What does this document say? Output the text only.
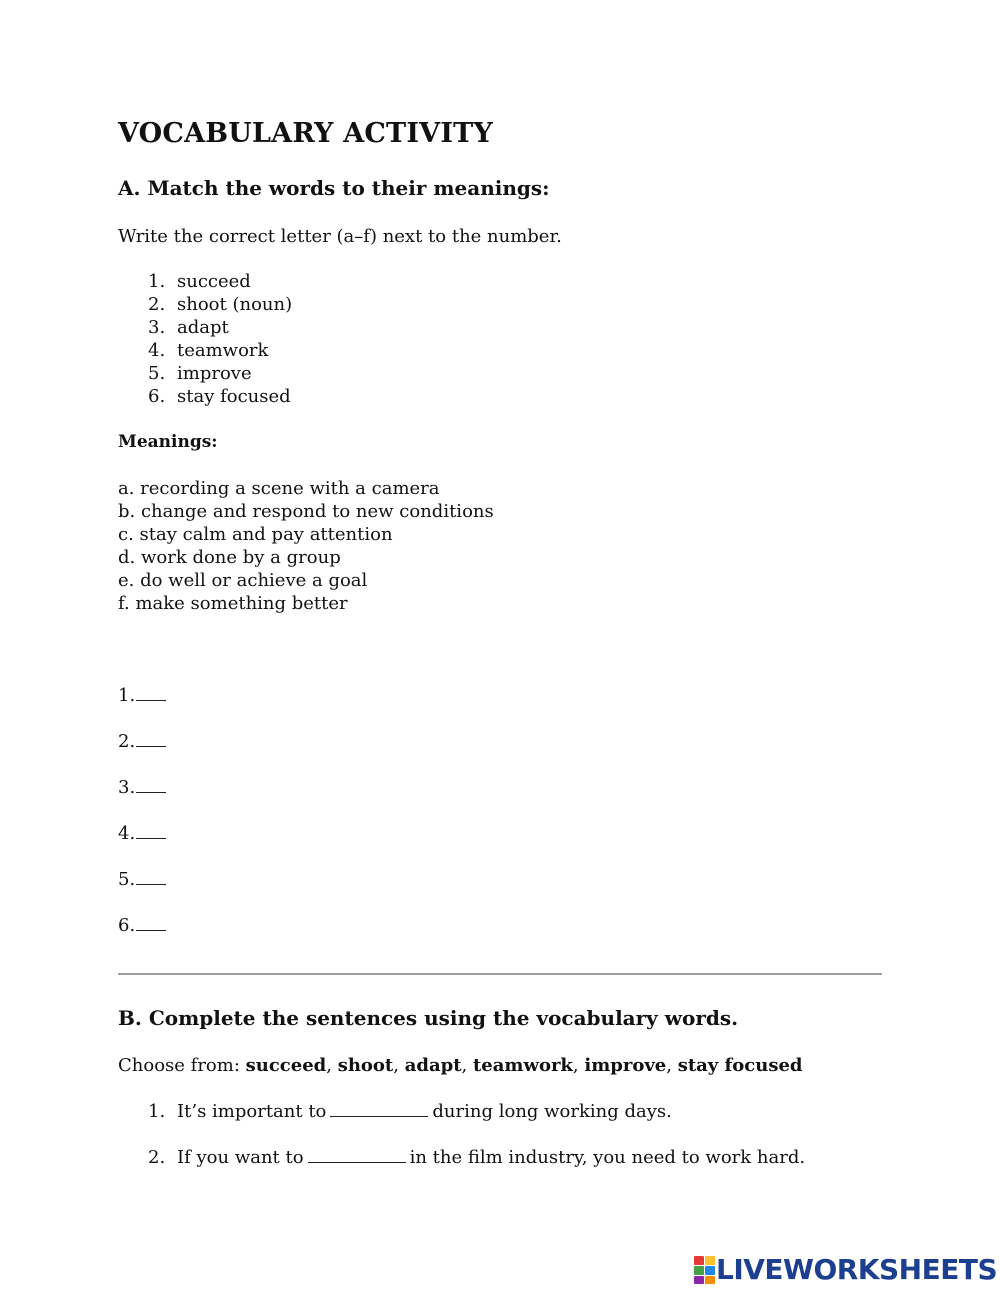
VOCABULARY ACTIVITY
A. Match the words to their meanings:
Write the correct letter (a–f) next to the number.
1. succeed
2. shoot (noun)
3. adapt
4. teamwork
5. improve
6. stay focused
Meanings:
a. recording a scene with a camera
b. change and respond to new conditions
c. stay calm and pay attention
d. work done by a group
e. do well or achieve a goal
f. make something better
1.
2.
3.
4.
5.
6.
B. Complete the sentences using the vocabulary words.
Choose from: succeed, shoot, adapt, teamwork, improve, stay focused
1. It’s important to	during long working days.
2. If you want to	in the film industry, you need to work hard.
LIVEWORKSHEETS
